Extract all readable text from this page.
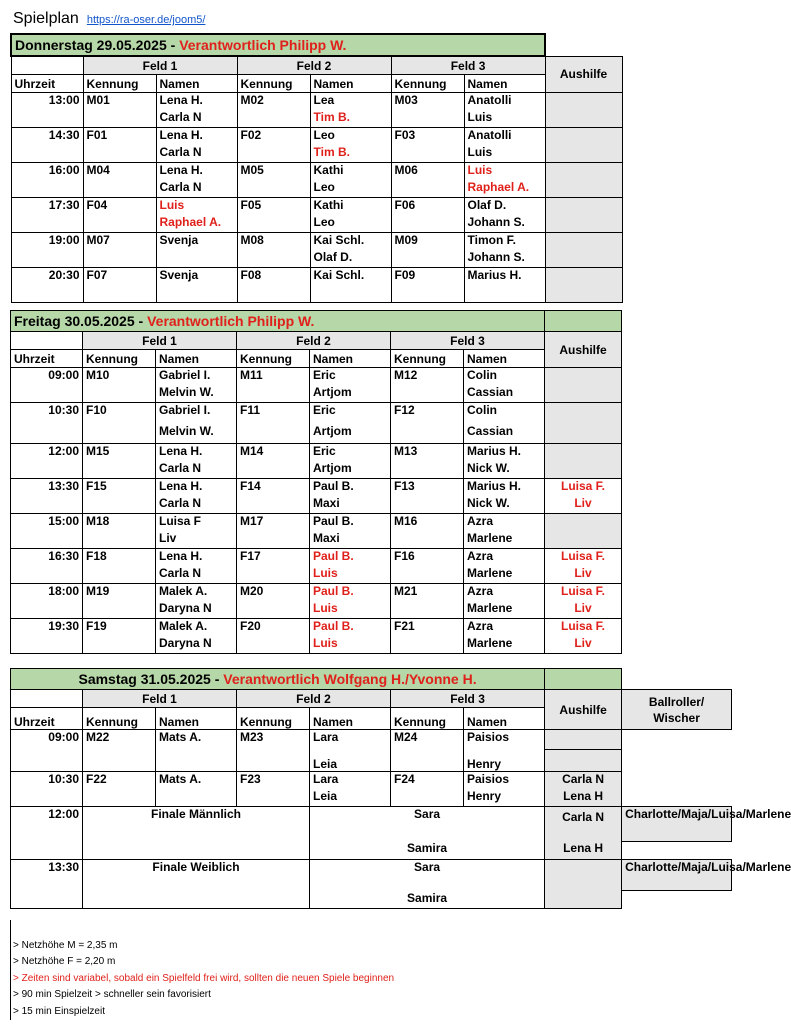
Spielplan https://ra-oser.de/joom5/
Donnerstag 29.05.2025 - Verantwortlich Philipp W.							
	Feld 1		Feld 2		Feld 3		Aushilfe
Uhrzeit	Kennung	Namen	Kennung	Namen	Kennung	Namen	
13:00	M01	Lena H.	M02	Lea	M03	Anatolli	
		Carla N		Tim B.		Luis	
14:30	F01	Lena H.	F02	Leo	F03	Anatolli	
		Carla N		Tim B.		Luis	
16:00	M04	Lena H.	M05	Kathi	M06	Luis	
		Carla N		Leo		Raphael A.	
17:30	F04	Luis	F05	Kathi	F06	Olaf D.	
		Raphael A.		Leo		Johann S.	
19:00	M07	Svenja	M08	Kai Schl.	M09	Timon F.	
				Olaf D.		Johann S.	
20:30	F07	Svenja	F08	Kai Schl.	F09	Marius H.	

Freitag 30.05.2025 - Verantwortlich Philipp W.							
	Feld 1		Feld 2		Feld 3		Aushilfe
Uhrzeit	Kennung	Namen	Kennung	Namen	Kennung	Namen	
09:00	M10	Gabriel I.	M11	Eric	M12	Colin	
		Melvin W.		Artjom		Cassian	
10:30	F10	Gabriel I.	F11	Eric	F12	Colin	
		Melvin W.		Artjom		Cassian	
12:00	M15	Lena H.	M14	Eric	M13	Marius H.	
		Carla N		Artjom		Nick W.	
13:30	F15	Lena H.	F14	Paul B.	F13	Marius H.	Luisa F.
		Carla N		Maxi		Nick W.	Liv
15:00	M18	Luisa F	M17	Paul B.	M16	Azra	
		Liv		Maxi		Marlene	
16:30	F18	Lena H.	F17	Paul B.	F16	Azra	Luisa F.
		Carla N		Luis		Marlene	Liv
18:00	M19	Malek A.	M20	Paul B.	M21	Azra	Luisa F.
		Daryna N		Luis		Marlene	Liv
19:30	F19	Malek A.	F20	Paul B.	F21	Azra	Luisa F.
		Daryna N		Luis		Marlene	Liv
Samstag 31.05.2025 - Verantwortlich Wolfgang H./Yvonne H.								
	Feld 1		Feld 2		Feld 3		Aushilfe	Ballroller/ Wischer
Uhrzeit	Kennung	Namen	Kennung	Namen	Kennung	Namen		
09:00	M22	Mats A.	M23	Lara	M24	Paisios		
				Leia		Henry		
10:30	F22	Mats A.	F23	Lara	F24	Paisios	Carla N	
				Leia		Henry	Lena H	
12:00	Finale Männlich			Sara			Carla N	Charlotte/Maja/Luisa/Marlene

				Samira			Lena H	
13:30	Finale Weiblich			Sara				Charlotte/Maja/Luisa/Marlene

				Samira				
> Netzhöhe M = 2,35 m
> Netzhöhe F = 2,20 m
> Zeiten sind variabel, sobald ein Spielfeld frei wird, sollten die neuen Spiele beginnen
> 90 min Spielzeit > schneller sein favorisiert
> 15 min Einspielzeit
